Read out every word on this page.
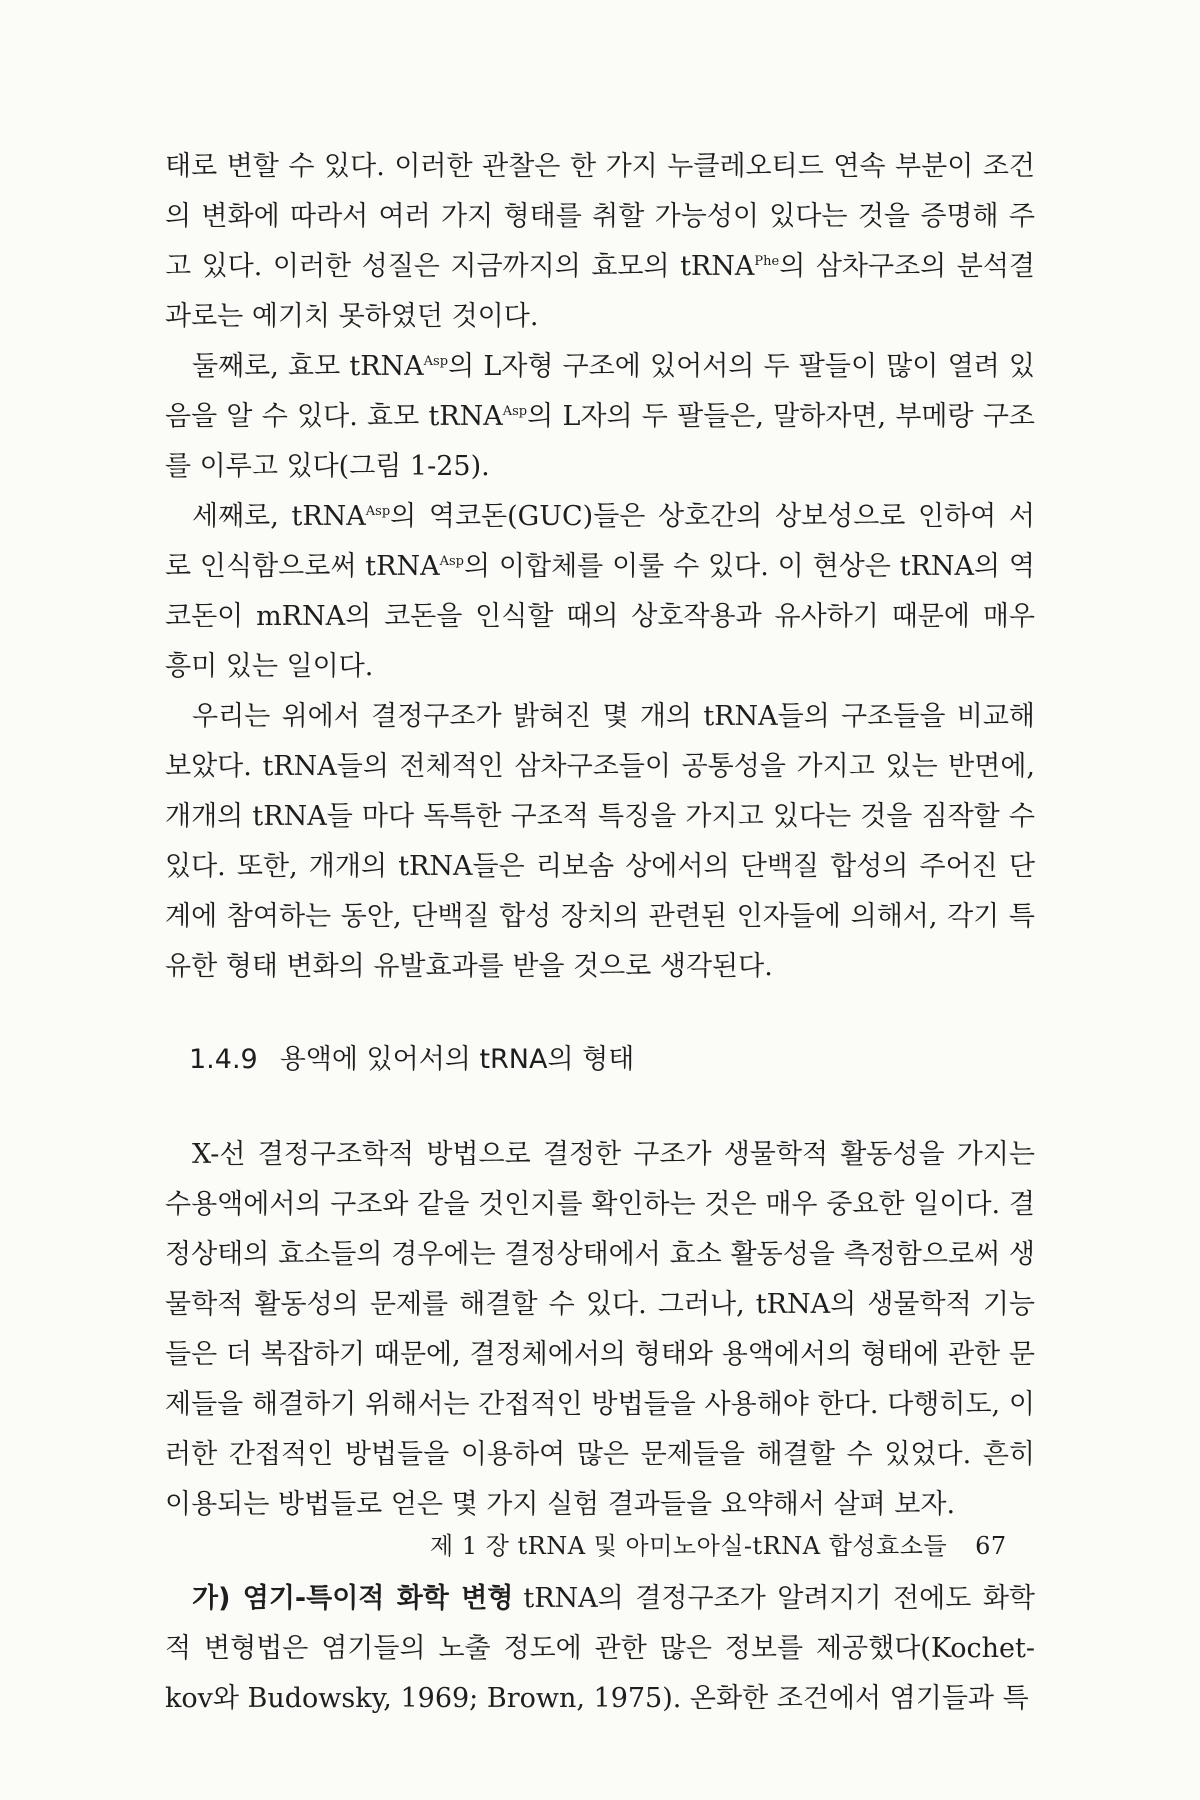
태로 변할 수 있다. 이러한 관찰은 한 가지 누클레오티드 연속 부분이 조건의 변화에 따라서 여러 가지 형태를 취할 가능성이 있다는 것을 증명해 주고 있다. 이러한 성질은 지금까지의 효모의 tRNA$^{Phe}$의 삼차구조의 분석결과로는 예기치 못하였던 것이다.

둘째로, 효모 tRNA$^{Asp}$의 L자형 구조에 있어서의 두 팔들이 많이 열려 있음을 알 수 있다. 효모 tRNA$^{Asp}$의 L자의 두 팔들은, 말하자면, 부메랑 구조를 이루고 있다(그림 1-25).

세째로, tRNA$^{Asp}$의 역코돈(GUC)들은 상호간의 상보성으로 인하여 서로 인식함으로써 tRNA$^{Asp}$의 이합체를 이룰 수 있다. 이 현상은 tRNA의 역코돈이 mRNA의 코돈을 인식할 때의 상호작용과 유사하기 때문에 매우 흥미 있는 일이다.

우리는 위에서 결정구조가 밝혀진 몇 개의 tRNA들의 구조들을 비교해 보았다. tRNA들의 전체적인 삼차구조들이 공통성을 가지고 있는 반면에, 개개의 tRNA들 마다 독특한 구조적 특징을 가지고 있다는 것을 짐작할 수 있다. 또한, 개개의 tRNA들은 리보솜 상에서의 단백질 합성의 주어진 단계에 참여하는 동안, 단백질 합성 장치의 관련된 인자들에 의해서, 각기 특유한 형태 변화의 유발효과를 받을 것으로 생각된다.

1.4.9 용액에 있어서의 tRNA의 형태

X-선 결정구조학적 방법으로 결정한 구조가 생물학적 활동성을 가지는 수용액에서의 구조와 같을 것인지를 확인하는 것은 매우 중요한 일이다. 결정상태의 효소들의 경우에는 결정상태에서 효소 활동성을 측정함으로써 생물학적 활동성의 문제를 해결할 수 있다. 그러나, tRNA의 생물학적 기능들은 더 복잡하기 때문에, 결정체에서의 형태와 용액에서의 형태에 관한 문제들을 해결하기 위해서는 간접적인 방법들을 사용해야 한다. 다행히도, 이러한 간접적인 방법들을 이용하여 많은 문제들을 해결할 수 있었다. 흔히 이용되는 방법들로 얻은 몇 가지 실험 결과들을 요약해서 살펴 보자.

가) 염기-특이적 화학 변형 tRNA의 결정구조가 알려지기 전에도 화학적 변형법은 염기들의 노출 정도에 관한 많은 정보를 제공했다(Kochet-kov와 Budowsky, 1969; Brown, 1975). 온화한 조건에서 염기들과 특

제 1 장 tRNA 및 아미노아실-tRNA 합성효소들 67
